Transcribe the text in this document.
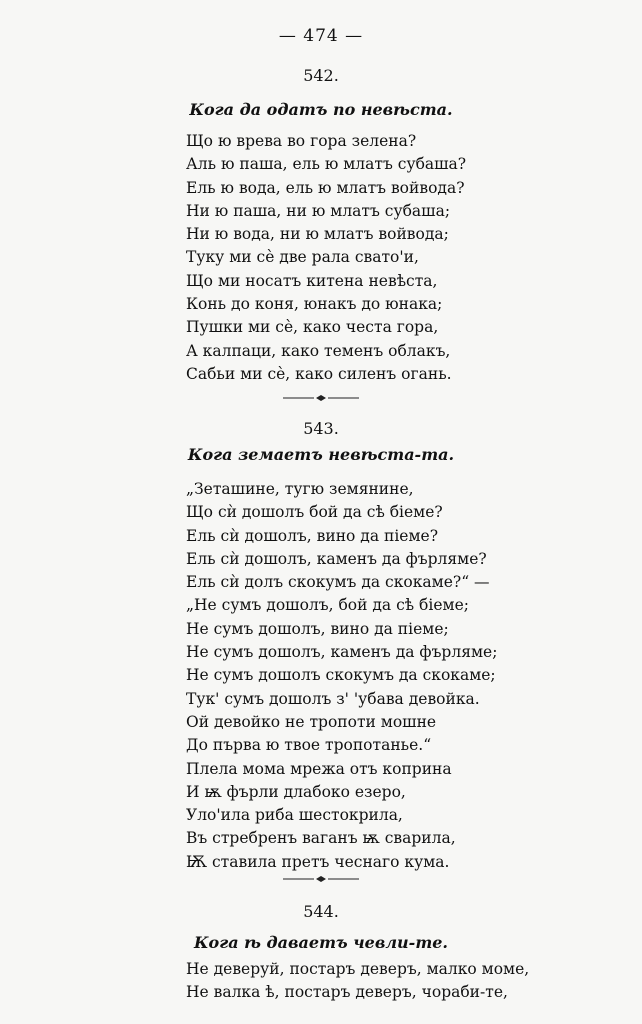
— 474 —
542.
Кога да одатъ по невѣста.
Що ю врева во гора зелена?
Аль ю паша, ель ю млатъ субаша?
Ель ю вода, ель ю млатъ войвода?
Ни ю паша, ни ю млатъ субаша;
Ни ю вода, ни ю млатъ войвода;
Туку ми сѐ две рала свато'и,
Що ми носатъ китена невѣста,
Конь до коня, юнакъ до юнака;
Пушки ми сѐ, како честа гора,
А калпаци, како теменъ облакъ,
Сабьи ми сѐ, како силенъ огань.
543.
Кога земаетъ невѣста-та.
„Зеташине, тугю земянине,
Що сѝ дошолъ бой да сѣ біеме?
Ель сѝ дошолъ, вино да піеме?
Ель сѝ дошолъ, каменъ да фърляме?
Ель сѝ долъ скокумъ да скокаме?“ —
„Не сумъ дошолъ, бой да сѣ біеме;
Не сумъ дошолъ, вино да піеме;
Не сумъ дошолъ, каменъ да фърляме;
Не сумъ дошолъ скокумъ да скокаме;
Тук' сумъ дошолъ з' 'убава девойка.
Ой девойко не тропоти мошне
До първа ю твое тропотанье.“
Плела мома мрежа отъ коприна
И ѭ фърли длабоко езеро,
Уло'ила риба шестокрила,
Въ стребренъ ваганъ ѭ сварила,
Ѭ ставила претъ чеснаго кума.
544.
Кога ѣ даваетъ чевли-те.
Не деверуй, постаръ деверъ, малко моме,
Не валка ѣ, постаръ деверъ, чораби-те,
